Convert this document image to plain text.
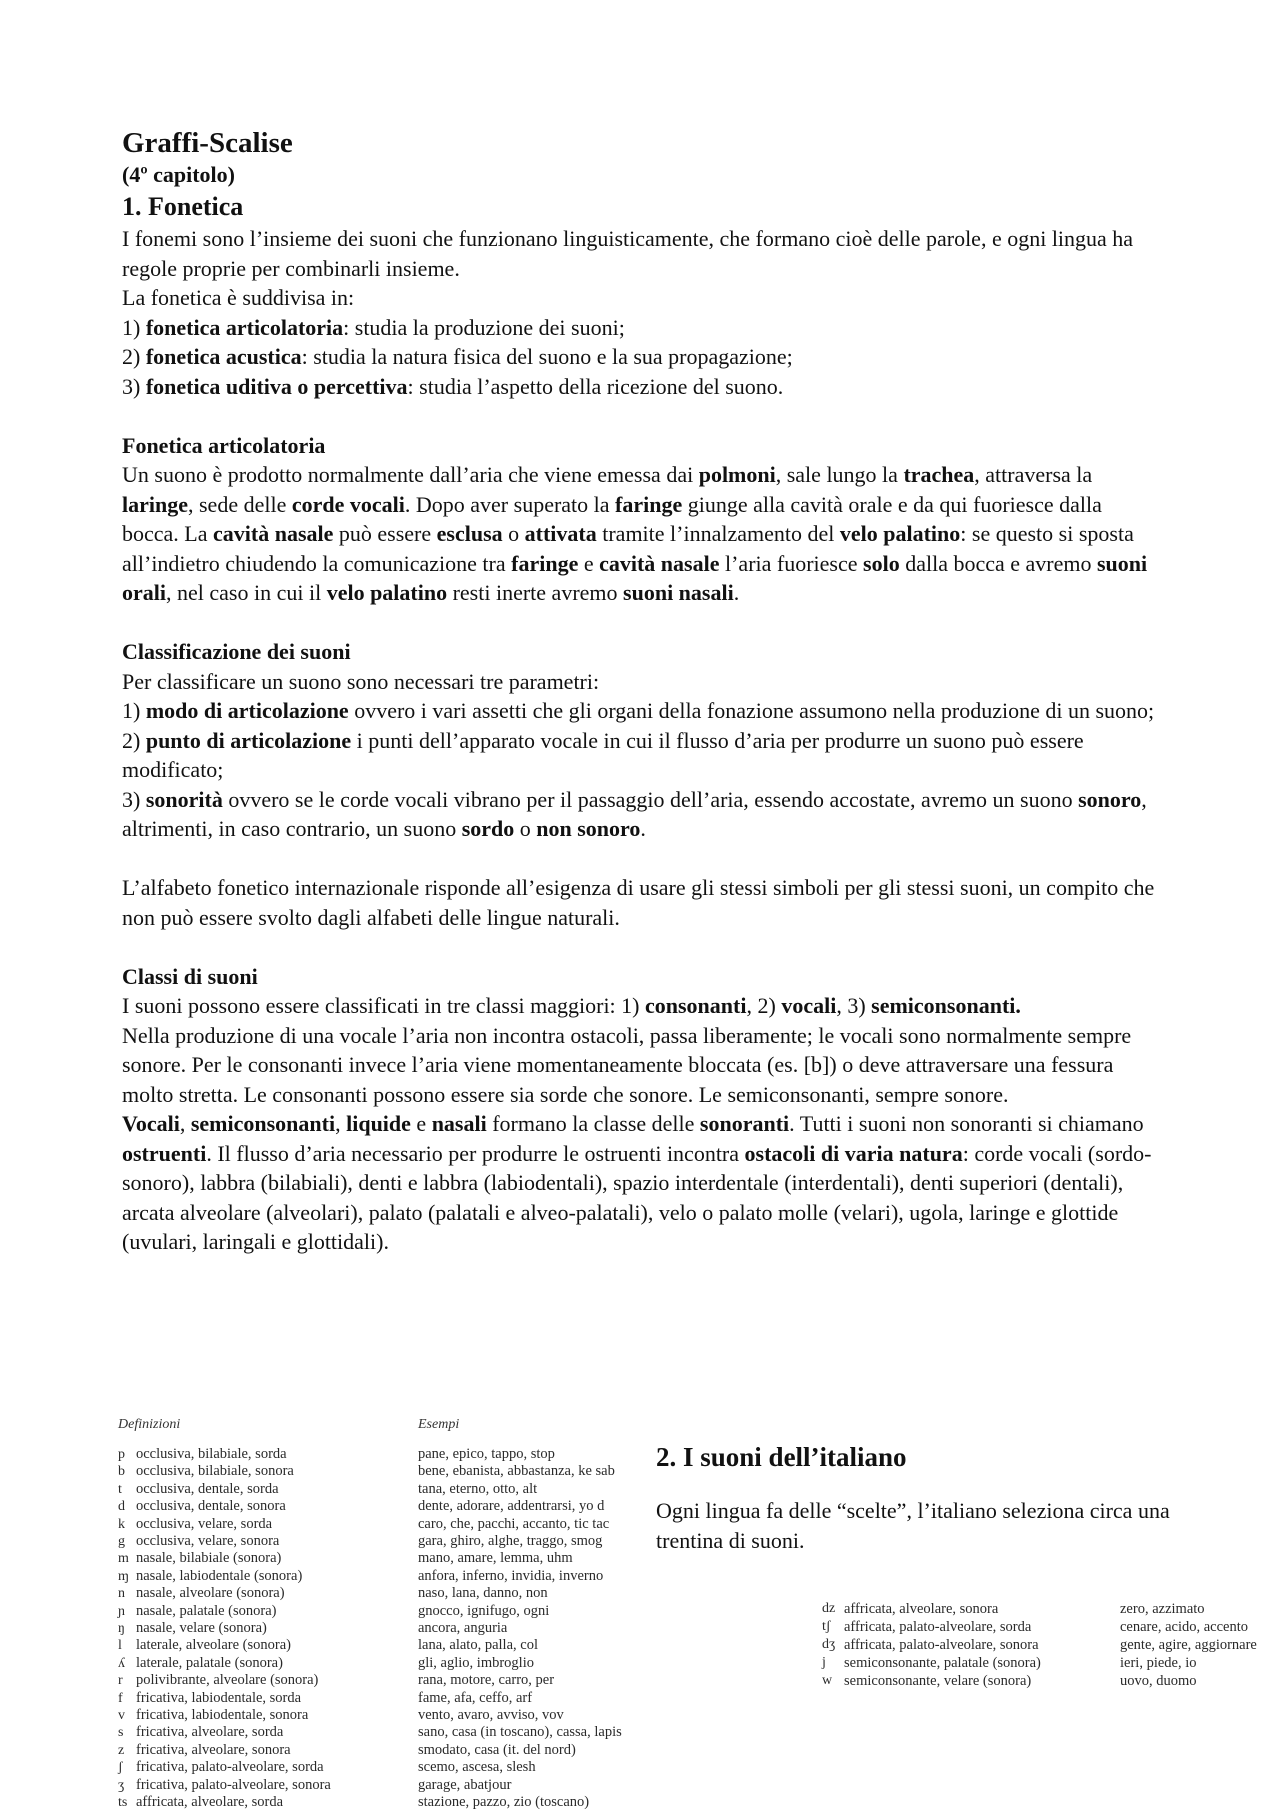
Graffi-Scalise
(4º capitolo)
1. Fonetica

I fonemi sono l’insieme dei suoni che funzionano linguisticamente, che formano cioè delle parole, e ogni lingua ha regole proprie per combinarli insieme.

La fonetica è suddivisa in:

1) fonetica articolatoria: studia la produzione dei suoni;

2) fonetica acustica: studia la natura fisica del suono e la sua propagazione;

3) fonetica uditiva o percettiva: studia l’aspetto della ricezione del suono.

Fonetica articolatoria

Un suono è prodotto normalmente dall’aria che viene emessa dai polmoni, sale lungo la trachea, attraversa la laringe, sede delle corde vocali. Dopo aver superato la faringe giunge alla cavità orale e da qui fuoriesce dalla bocca. La cavità nasale può essere esclusa o attivata tramite l’innalzamento del velo palatino: se questo si sposta all’indietro chiudendo la comunicazione tra faringe e cavità nasale l’aria fuoriesce solo dalla bocca e avremo suoni orali, nel caso in cui il velo palatino resti inerte avremo suoni nasali.

Classificazione dei suoni

Per classificare un suono sono necessari tre parametri:

1) modo di articolazione ovvero i vari assetti che gli organi della fonazione assumono nella produzione di un suono;

2) punto di articolazione i punti dell’apparato vocale in cui il flusso d’aria per produrre un suono può essere modificato;

3) sonorità ovvero se le corde vocali vibrano per il passaggio dell’aria, essendo accostate, avremo un suono sonoro, altrimenti, in caso contrario, un suono sordo o non sonoro.

L’alfabeto fonetico internazionale risponde all’esigenza di usare gli stessi simboli per gli stessi suoni, un compito che non può essere svolto dagli alfabeti delle lingue naturali.

Classi di suoni

I suoni possono essere classificati in tre classi maggiori: 1) consonanti, 2) vocali, 3) semiconsonanti.

Nella produzione di una vocale l’aria non incontra ostacoli, passa liberamente; le vocali sono normalmente sempre sonore. Per le consonanti invece l’aria viene momentaneamente bloccata (es. [b]) o deve attraversare una fessura molto stretta. Le consonanti possono essere sia sorde che sonore. Le semiconsonanti, sempre sonore.

Vocali, semiconsonanti, liquide e nasali formano la classe delle sonoranti. Tutti i suoni non sonoranti si chiamano ostruenti. Il flusso d’aria necessario per produrre le ostruenti incontra ostacoli di varia natura: corde vocali (sordo-sonoro), labbra (bilabiali), denti e labbra (labiodentali), spazio interdentale (interdentali), denti superiori (dentali), arcata alveolare (alveolari), palato (palatali e alveo-palatali), velo o palato molle (velari), ugola, laringe e glottide (uvulari, laringali e glottidali).

Definizioni	Esempi
p occlusiva, bilabiale, sorda	pane, epico, tappo, stop
b occlusiva, bilabiale, sonora	bene, ebanista, abbastanza, ke sab
t occlusiva, dentale, sorda	tana, eterno, otto, alt
d occlusiva, dentale, sonora	dente, adorare, addentrarsi, yo d
k occlusiva, velare, sorda	caro, che, pacchi, accanto, tic tac
g occlusiva, velare, sonora	gara, ghiro, alghe, traggo, smog
m nasale, bilabiale (sonora)	mano, amare, lemma, uhm
ɱ nasale, labiodentale (sonora)	anfora, inferno, invidia, inverno
n nasale, alveolare (sonora)	naso, lana, danno, non
ɲ nasale, palatale (sonora)	gnocco, ignifugo, ogni
ŋ nasale, velare (sonora)	ancora, anguria
l laterale, alveolare (sonora)	lana, alato, palla, col
ʎ laterale, palatale (sonora)	gli, aglio, imbroglio
r polivibrante, alveolare (sonora)	rana, motore, carro, per
f fricativa, labiodentale, sorda	fame, afa, ceffo, arf
v fricativa, labiodentale, sonora	vento, avaro, avviso, vov
s fricativa, alveolare, sorda	sano, casa (in toscano), cassa, lapis
z fricativa, alveolare, sonora	smodato, casa (it. del nord)
ʃ fricativa, palato-alveolare, sorda	scemo, ascesa, slesh
ʒ fricativa, palato-alveolare, sonora	garage, abatjour
ts affricata, alveolare, sorda	stazione, pazzo, zio (toscano)
2. I suoni dell’italiano

Ogni lingua fa delle “scelte”, l’italiano seleziona circa una trentina di suoni.

dz affricata, alveolare, sonora	zero, azzimato
tʃ affricata, palato-alveolare, sorda	cenare, acido, accento
dʒ affricata, palato-alveolare, sonora	gente, agire, aggiornare
j	semiconsonante, palatale (sonora)	ieri, piede, io
w semiconsonante, velare (sonora)	uovo, duomo
